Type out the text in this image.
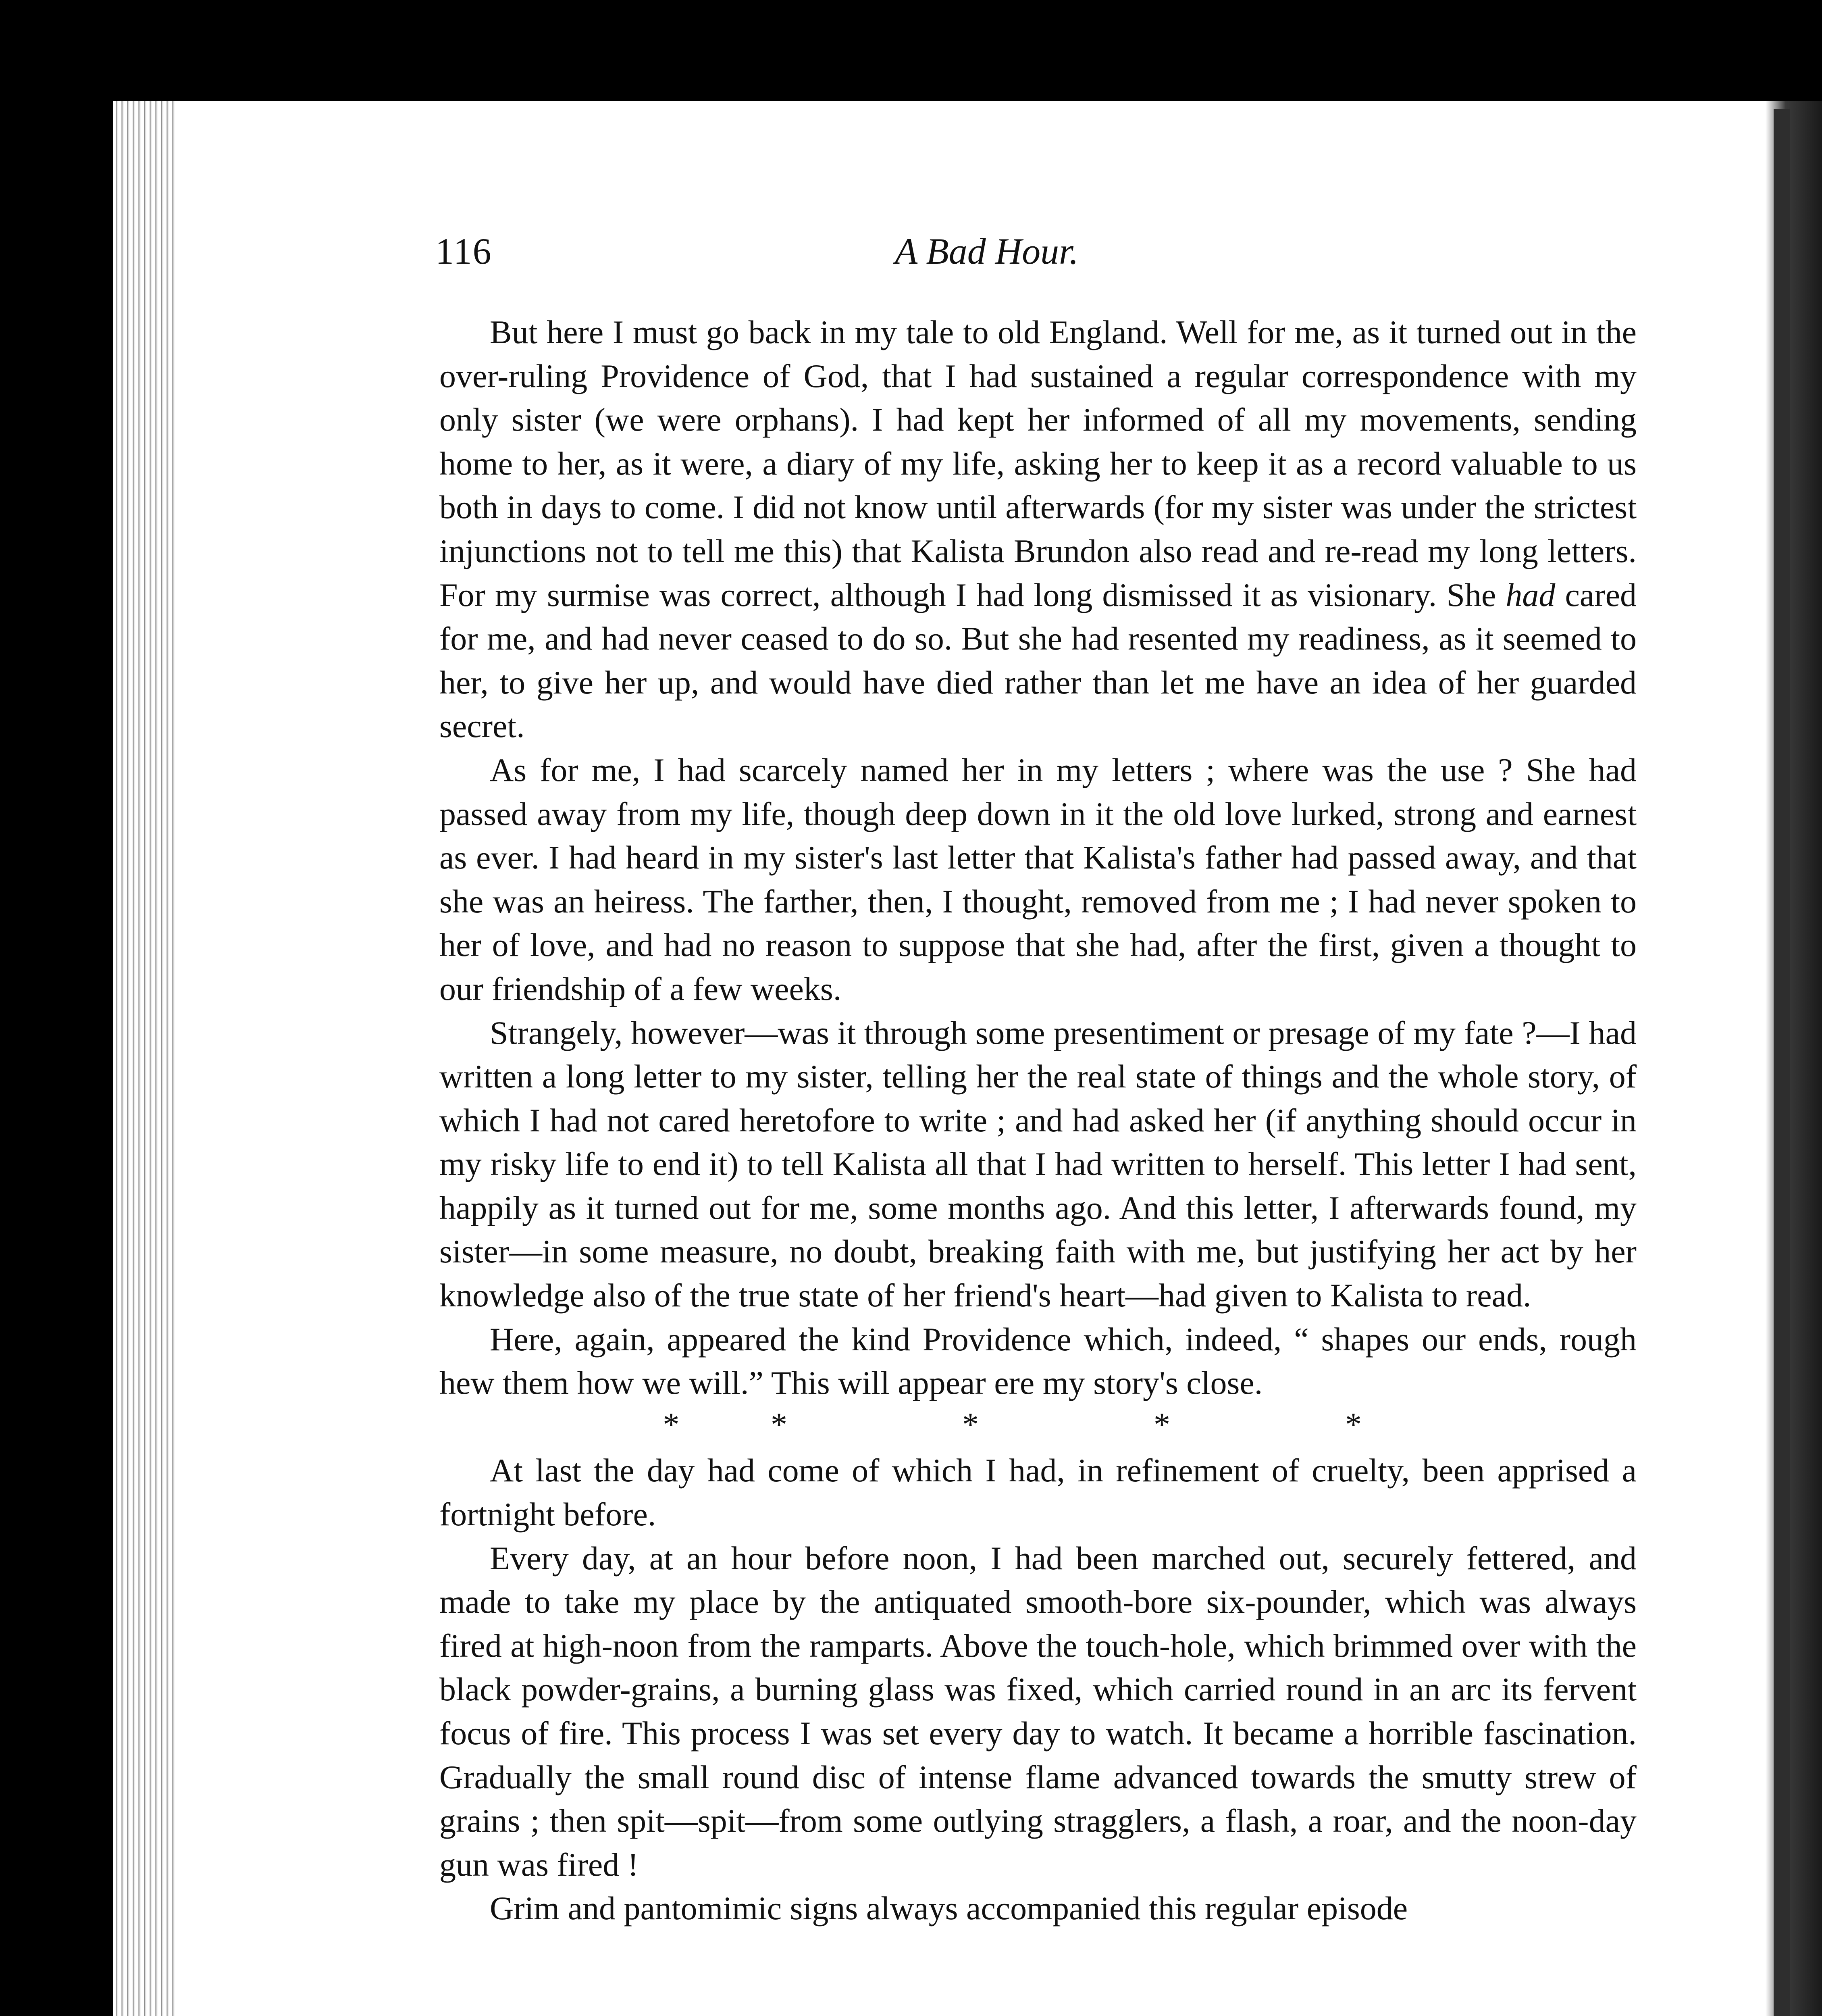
116	A Bad Hour.

But here I must go back in my tale to old England. Well for me, as it turned out in the over-ruling Providence of God, that I had sustained a regular correspondence with my only sister (we were orphans). I had kept her informed of all my movements, sending home to her, as it were, a diary of my life, asking her to keep it as a record valuable to us both in days to come. I did not know until afterwards (for my sister was under the strictest injunctions not to tell me this) that Kalista Brundon also read and re-read my long letters. For my surmise was correct, although I had long dismissed it as visionary. She had cared for me, and had never ceased to do so. But she had resented my readiness, as it seemed to her, to give her up, and would have died rather than let me have an idea of her guarded secret.

As for me, I had scarcely named her in my letters ; where was the use ? She had passed away from my life, though deep down in it the old love lurked, strong and earnest as ever. I had heard in my sister's last letter that Kalista's father had passed away, and that she was an heiress. The farther, then, I thought, removed from me ; I had never spoken to her of love, and had no reason to suppose that she had, after the first, given a thought to our friendship of a few weeks.

Strangely, however—was it through some presentiment or presage of my fate ?—I had written a long letter to my sister, telling her the real state of things and the whole story, of which I had not cared heretofore to write ; and had asked her (if anything should occur in my risky life to end it) to tell Kalista all that I had written to herself. This letter I had sent, happily as it turned out for me, some months ago. And this letter, I afterwards found, my sister—in some measure, no doubt, breaking faith with me, but justifying her act by her knowledge also of the true state of her friend's heart—had given to Kalista to read.

Here, again, appeared the kind Providence which, indeed, “ shapes our ends, rough hew them how we will.” This will appear ere my story's close.

*	*	*	*	*

At last the day had come of which I had, in refinement of cruelty, been apprised a fortnight before.

Every day, at an hour before noon, I had been marched out, securely fettered, and made to take my place by the antiquated smooth-bore six-pounder, which was always fired at high-noon from the ramparts. Above the touch-hole, which brimmed over with the black powder-grains, a burning glass was fixed, which carried round in an arc its fervent focus of fire. This process I was set every day to watch. It became a horrible fascination. Gradually the small round disc of intense flame advanced towards the smutty strew of grains ; then spit—spit—from some outlying stragglers, a flash, a roar, and the noon-day gun was fired !

Grim and pantomimic signs always accompanied this regular episode
